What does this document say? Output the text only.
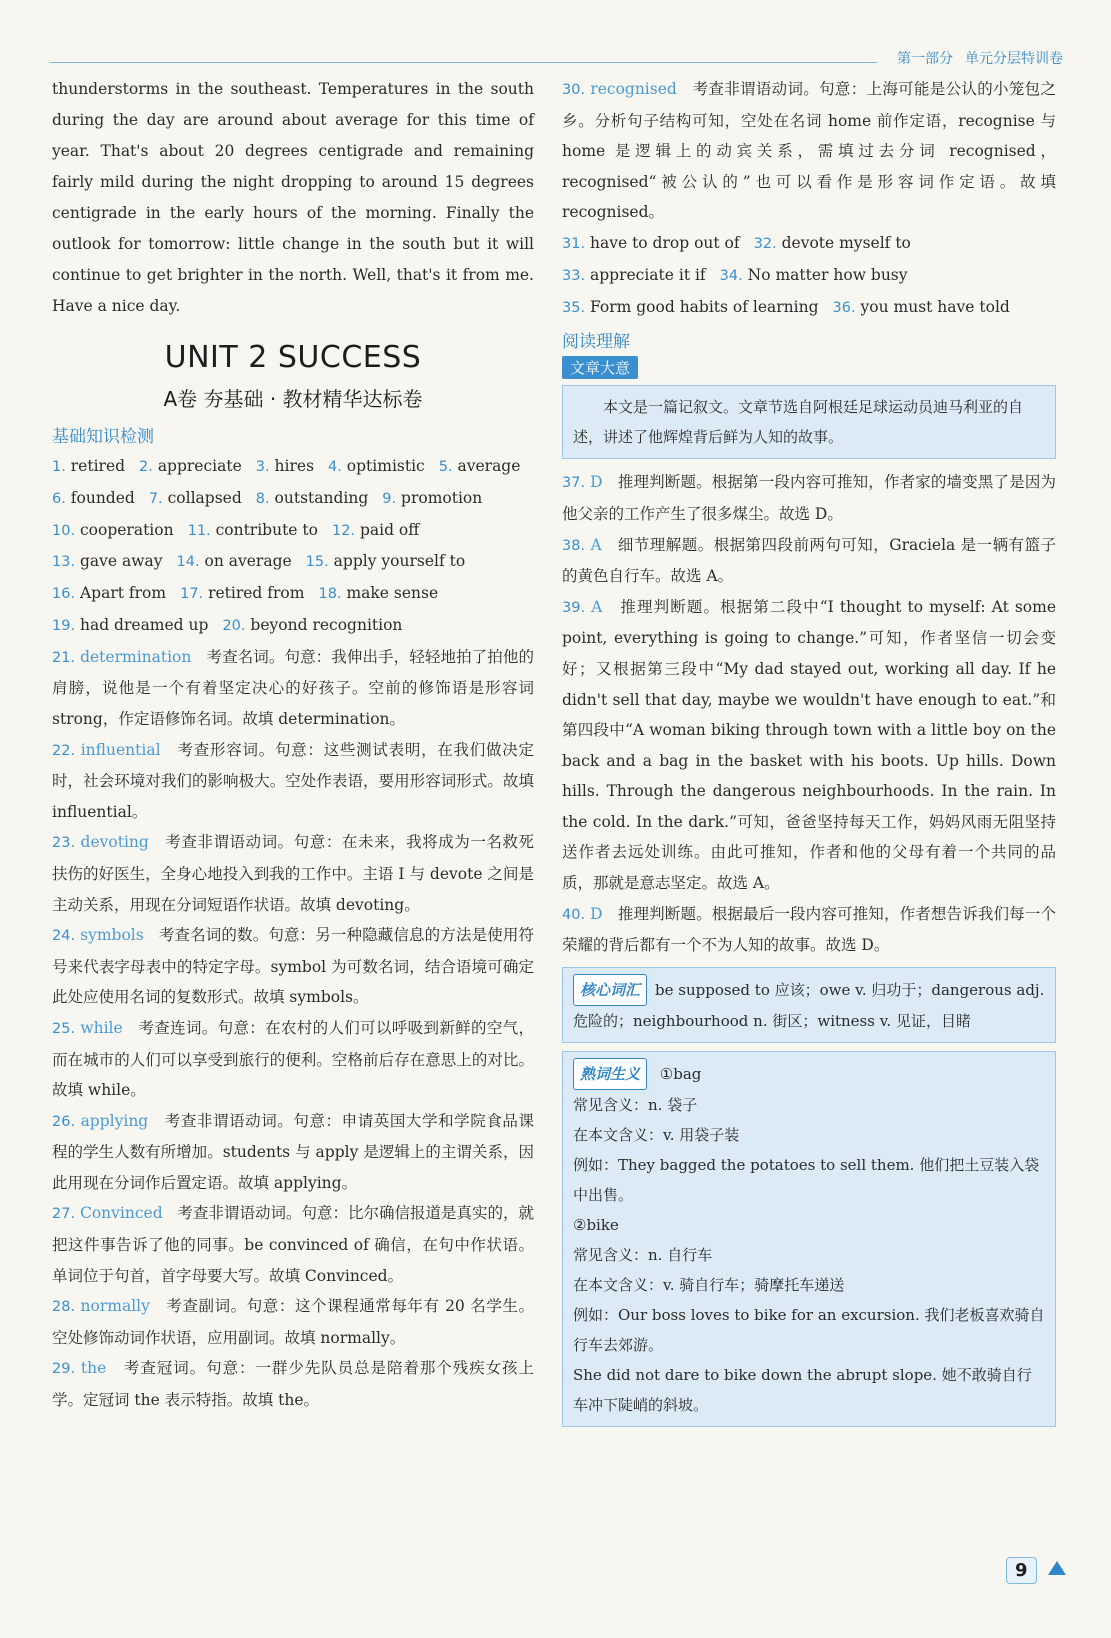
第一部分 单元分层特训卷

thunderstorms in the southeast. Temperatures in the south during the day are around about average for this time of year. That's about 20 degrees centigrade and remaining fairly mild during the night dropping to around 15 degrees centigrade in the early hours of the morning. Finally the outlook for tomorrow: little change in the south but it will continue to get brighter in the north. Well, that's it from me. Have a nice day.

UNIT 2 SUCCESS
A卷 夯基础 · 教材精华达标卷
基础知识检测
1. retired 2. appreciate 3. hires 4. optimistic 5. average
6. founded 7. collapsed 8. outstanding 9. promotion
10. cooperation 11. contribute to 12. paid off
13. gave away 14. on average 15. apply yourself to
16. Apart from 17. retired from 18. make sense
19. had dreamed up 20. beyond recognition
21. determination   考查名词。句意：我伸出手，轻轻地拍了拍他的肩膀，说他是一个有着坚定决心的好孩子。空前的修饰语是形容词 strong，作定语修饰名词。故填 determination。
22. influential   考查形容词。句意：这些测试表明，在我们做决定时，社会环境对我们的影响极大。空处作表语，要用形容词形式。故填 influential。
23. devoting   考查非谓语动词。句意：在未来，我将成为一名救死扶伤的好医生，全身心地投入到我的工作中。主语 I 与 devote 之间是主动关系，用现在分词短语作状语。故填 devoting。
24. symbols   考查名词的数。句意：另一种隐藏信息的方法是使用符号来代表字母表中的特定字母。symbol 为可数名词，结合语境可确定此处应使用名词的复数形式。故填 symbols。
25. while   考查连词。句意：在农村的人们可以呼吸到新鲜的空气，而在城市的人们可以享受到旅行的便利。空格前后存在意思上的对比。故填 while。
26. applying   考查非谓语动词。句意：申请英国大学和学院食品课程的学生人数有所增加。students 与 apply 是逻辑上的主谓关系，因此用现在分词作后置定语。故填 applying。
27. Convinced   考查非谓语动词。句意：比尔确信报道是真实的，就把这件事告诉了他的同事。be convinced of 确信，在句中作状语。单词位于句首，首字母要大写。故填 Convinced。
28. normally   考查副词。句意：这个课程通常每年有 20 名学生。空处修饰动词作状语，应用副词。故填 normally。
29. the   考查冠词。句意：一群少先队员总是陪着那个残疾女孩上学。定冠词 the 表示特指。故填 the。
30. recognised 考查非谓语动词。句意：上海可能是公认的小笼包之乡。分析句子结构可知，空处在名词 home 前作定语，recognise 与 home 是逻辑上的动宾关系，需填过去分词 recognised，recognised“被公认的”也可以看作是形容词作定语。故填 recognised。
31. have to drop out of 32. devote myself to
33. appreciate it if 34. No matter how busy
35. Form good habits of learning 36. you must have told
阅读理解
文章大意
本文是一篇记叙文。文章节选自阿根廷足球运动员迪马利亚的自述，讲述了他辉煌背后鲜为人知的故事。
37. D   推理判断题。根据第一段内容可推知，作者家的墙变黑了是因为他父亲的工作产生了很多煤尘。故选 D。
38. A   细节理解题。根据第四段前两句可知，Graciela 是一辆有篮子的黄色自行车。故选 A。
39. A   推理判断题。根据第二段中“I thought to myself: At some point, everything is going to change.”可知，作者坚信一切会变好；又根据第三段中“My dad stayed out, working all day. If he didn't sell that day, maybe we wouldn't have enough to eat.”和第四段中“A woman biking through town with a little boy on the back and a bag in the basket with his boots. Up hills. Down hills. Through the dangerous neighbourhoods. In the rain. In the cold. In the dark.”可知，爸爸坚持每天工作，妈妈风雨无阻坚持送作者去远处训练。由此可推知，作者和他的父母有着一个共同的品质，那就是意志坚定。故选 A。
40. D   推理判断题。根据最后一段内容可推知，作者想告诉我们每一个荣耀的背后都有一个不为人知的故事。故选 D。
核心词汇 be supposed to 应该；owe v. 归功于；dangerous adj. 危险的；neighbourhood n. 街区；witness v. 见证，目睹
熟词生义 ①bag
常见含义：n. 袋子
在本文含义：v. 用袋子装
例如：They bagged the potatoes to sell them. 他们把土豆装入袋中出售。
②bike
常见含义：n. 自行车
在本文含义：v. 骑自行车；骑摩托车递送
例如：Our boss loves to bike for an excursion. 我们老板喜欢骑自行车去郊游。
She did not dare to bike down the abrupt slope. 她不敢骑自行车冲下陡峭的斜坡。
9
